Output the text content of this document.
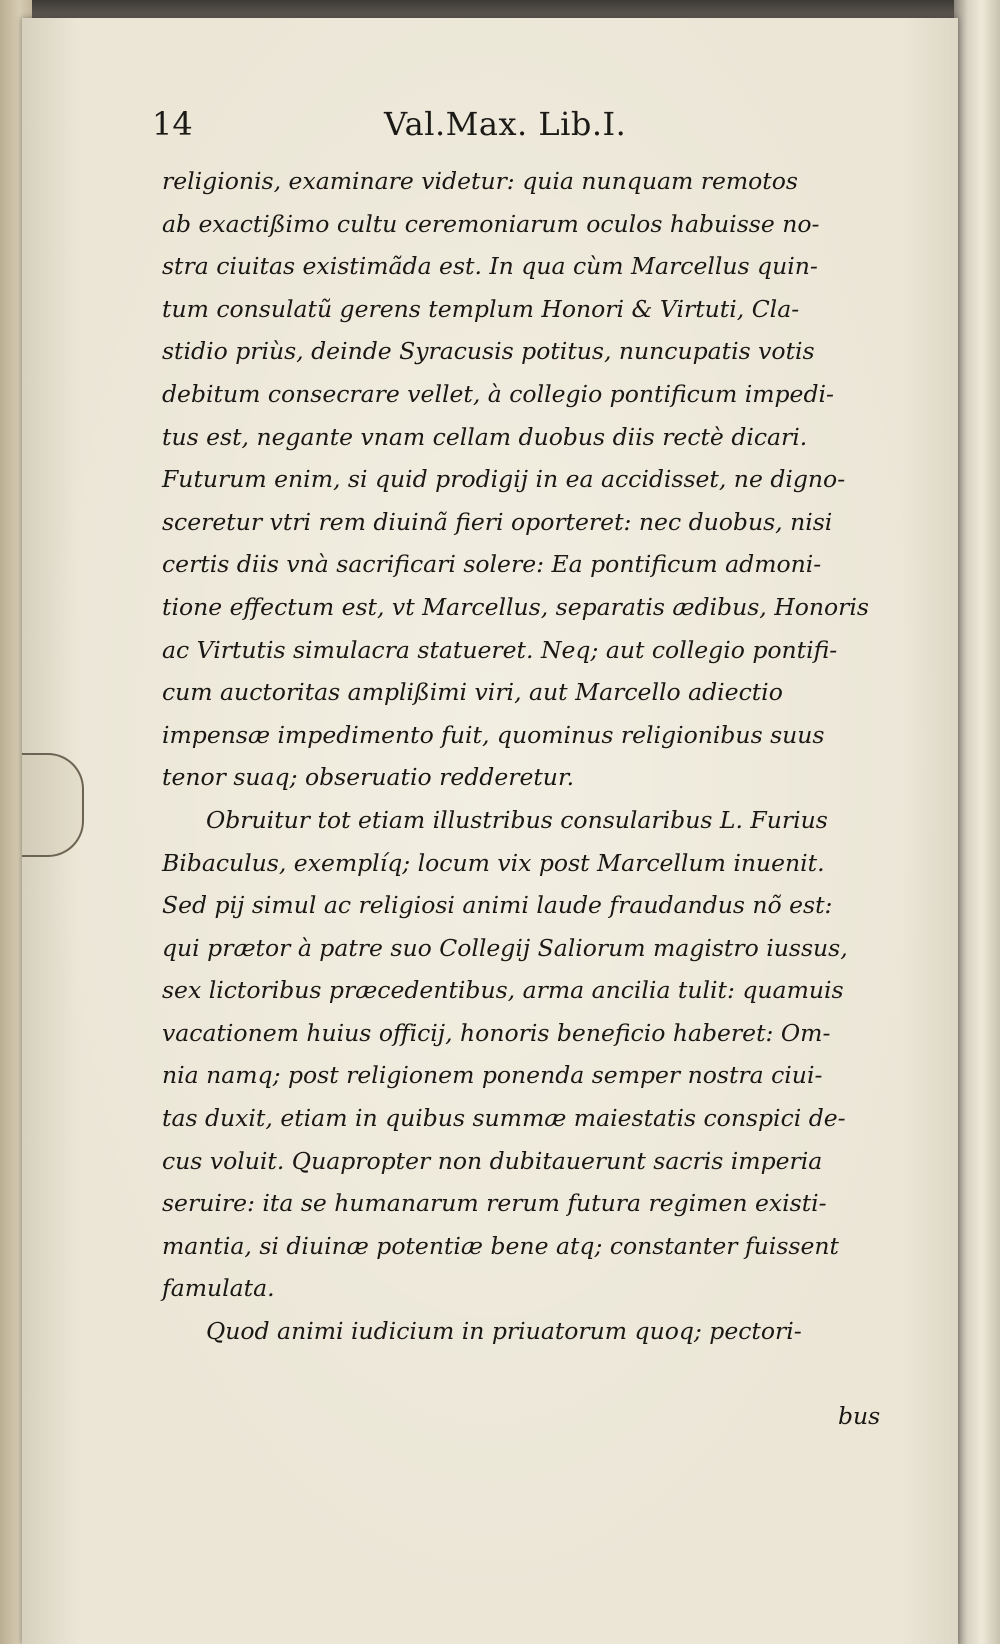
14	Val.Max. Lib.I.
religionis, examinare videtur: quia nunquam remotos
ab exactißimo cultu ceremoniarum oculos habuisse no-
stra ciuitas existimãda est. In qua cùm Marcellus quin-
tum consulatũ gerens templum Honori & Virtuti, Cla-
stidio priùs, deinde Syracusis potitus, nuncupatis votis
debitum consecrare vellet, à collegio pontificum impedi-
tus est, negante vnam cellam duobus diis rectè dicari.
Futurum enim, si quid prodigij in ea accidisset, ne digno-
sceretur vtri rem diuinã fieri oporteret: nec duobus, nisi
certis diis vnà sacrificari solere: Ea pontificum admoni-
tione effectum est, vt Marcellus, separatis ædibus, Honoris
ac Virtutis simulacra statueret. Neq; aut collegio pontifi-
cum auctoritas amplißimi viri, aut Marcello adiectio
impensæ impedimento fuit, quominus religionibus suus
tenor suaq; obseruatio redderetur.
Obruitur tot etiam illustribus consularibus L. Furius
Bibaculus, exemplíq; locum vix post Marcellum inuenit.
Sed pij simul ac religiosi animi laude fraudandus nõ est:
qui prætor à patre suo Collegij Saliorum magistro iussus,
sex lictoribus præcedentibus, arma ancilia tulit: quamuis
vacationem huius officij, honoris beneficio haberet: Om-
nia namq; post religionem ponenda semper nostra ciui-
tas duxit, etiam in quibus summæ maiestatis conspici de-
cus voluit. Quapropter non dubitauerunt sacris imperia
seruire: ita se humanarum rerum futura regimen existi-
mantia, si diuinæ potentiæ bene atq; constanter fuissent
famulata.
Quod animi iudicium in priuatorum quoq; pectori-
bus
